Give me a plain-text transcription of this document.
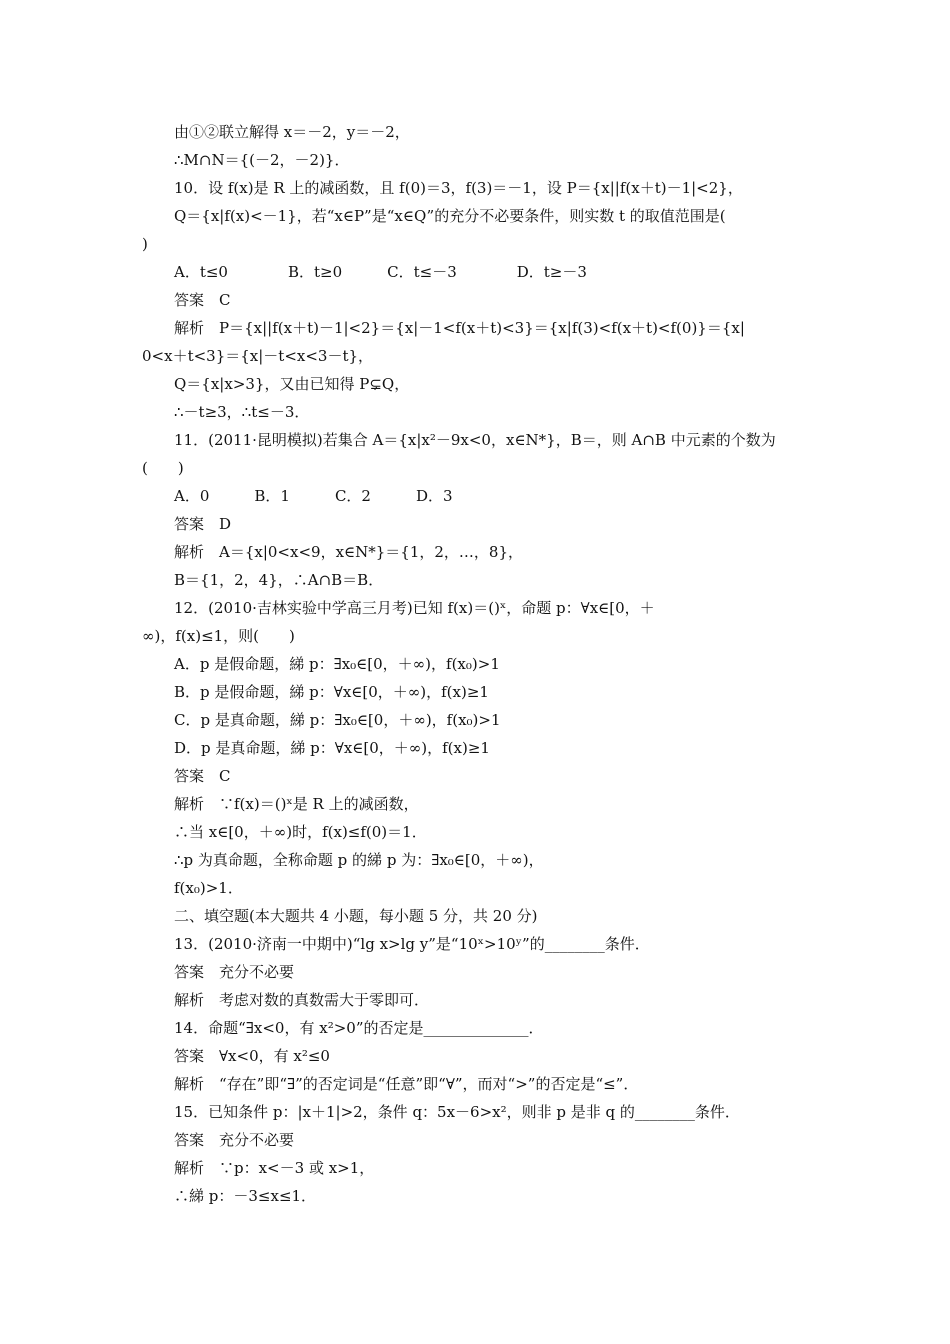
由①②联立解得 x＝－2，y＝－2，
∴M∩N＝{(－2，－2)}．
10．设 f(x)是 R 上的减函数，且 f(0)＝3，f(3)＝－1，设 P＝{x||f(x＋t)－1|<2}，
Q＝{x|f(x)<－1}，若“x∈P”是“x∈Q”的充分不必要条件，则实数 t 的取值范围是(
)
A．t≤0　　　　B．t≥0　　　C．t≤－3　　　　D．t≥－3
答案　C
解析　P＝{x||f(x＋t)－1|<2}＝{x|－1<f(x＋t)<3}＝{x|f(3)<f(x＋t)<f(0)}＝{x|
0<x＋t<3}＝{x|－t<x<3－t}，
Q＝{x|x>3}，又由已知得 P⊊Q，
∴－t≥3，∴t≤－3．
11．(2011·昆明模拟)若集合 A＝{x|x²－9x<0，x∈N*}，B＝，则 A∩B 中元素的个数为
(　　)
A．0　　　B．1　　　C．2　　　D．3
答案　D
解析　A＝{x|0<x<9，x∈N*}＝{1，2，…，8}，
B＝{1，2，4}，∴A∩B＝B．
12．(2010·吉林实验中学高三月考)已知 f(x)＝()ˣ，命题 p：∀x∈[0，＋
∞)，f(x)≤1，则(　　)
A．p 是假命题，綈 p：∃x₀∈[0，＋∞)，f(x₀)>1
B．p 是假命题，綈 p：∀x∈[0，＋∞)，f(x)≥1
C．p 是真命题，綈 p：∃x₀∈[0，＋∞)，f(x₀)>1
D．p 是真命题，綈 p：∀x∈[0，＋∞)，f(x)≥1
答案　C
解析　∵f(x)＝()ˣ是 R 上的减函数，
∴当 x∈[0，＋∞)时，f(x)≤f(0)＝1．
∴p 为真命题，全称命题 p 的綈 p 为：∃x₀∈[0，＋∞)，
f(x₀)>1．
二、填空题(本大题共 4 小题，每小题 5 分，共 20 分)
13．(2010·济南一中期中)“lg x>lg y”是“10ˣ>10ʸ”的________条件．
答案　充分不必要
解析　考虑对数的真数需大于零即可．
14．命题“∃x<0，有 x²>0”的否定是______________．
答案　∀x<0，有 x²≤0
解析　“存在”即“∃”的否定词是“任意”即“∀”，而对“>”的否定是“≤”．
15．已知条件 p：|x＋1|>2，条件 q：5x－6>x²，则非 p 是非 q 的________条件．
答案　充分不必要
解析　∵p：x<－3 或 x>1，
∴綈 p：－3≤x≤1．
